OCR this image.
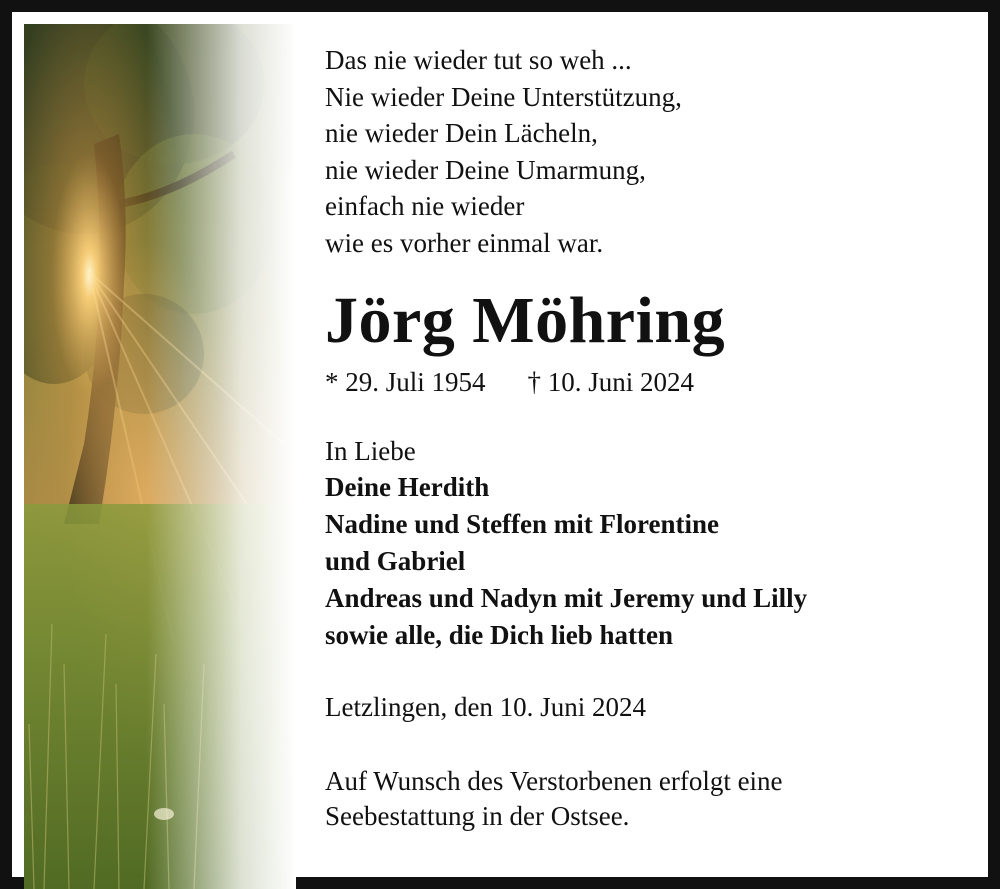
Das nie wieder tut so weh ...
Nie wieder Deine Unterstützung,
nie wieder Dein Lächeln,
nie wieder Deine Umarmung,
einfach nie wieder
wie es vorher einmal war.
Jörg Möhring
* 29. Juli 1954 † 10. Juni 2024
In Liebe
Deine Herdith
Nadine und Steffen mit Florentine
und Gabriel
Andreas und Nadyn mit Jeremy und Lilly
sowie alle, die Dich lieb hatten
Letzlingen, den 10. Juni 2024
Auf Wunsch des Verstorbenen erfolgt eine
Seebestattung in der Ostsee.
